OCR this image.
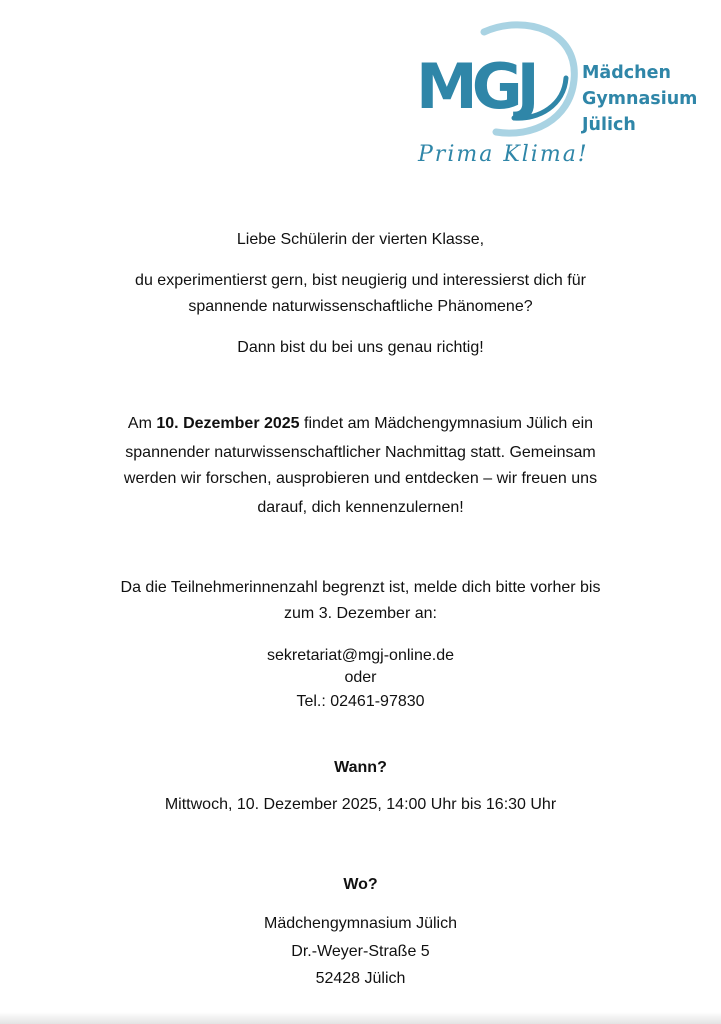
MGJ	Mädchen
Gymnasium
Jülich
Prima Klima!
Liebe Schülerin der vierten Klasse,
du experimentierst gern, bist neugierig und interessierst dich für
spannende naturwissenschaftliche Phänomene?
Dann bist du bei uns genau richtig!
Am 10. Dezember 2025 findet am Mädchengymnasium Jülich ein
spannender naturwissenschaftlicher Nachmittag statt. Gemeinsam
werden wir forschen, ausprobieren und entdecken – wir freuen uns
darauf, dich kennenzulernen!
Da die Teilnehmerinnenzahl begrenzt ist, melde dich bitte vorher bis
zum 3. Dezember an:
sekretariat@mgj-online.de
oder
Tel.: 02461-97830
Wann?
Mittwoch, 10. Dezember 2025, 14:00 Uhr bis 16:30 Uhr
Wo?
Mädchengymnasium Jülich
Dr.-Weyer-Straße 5
52428 Jülich
